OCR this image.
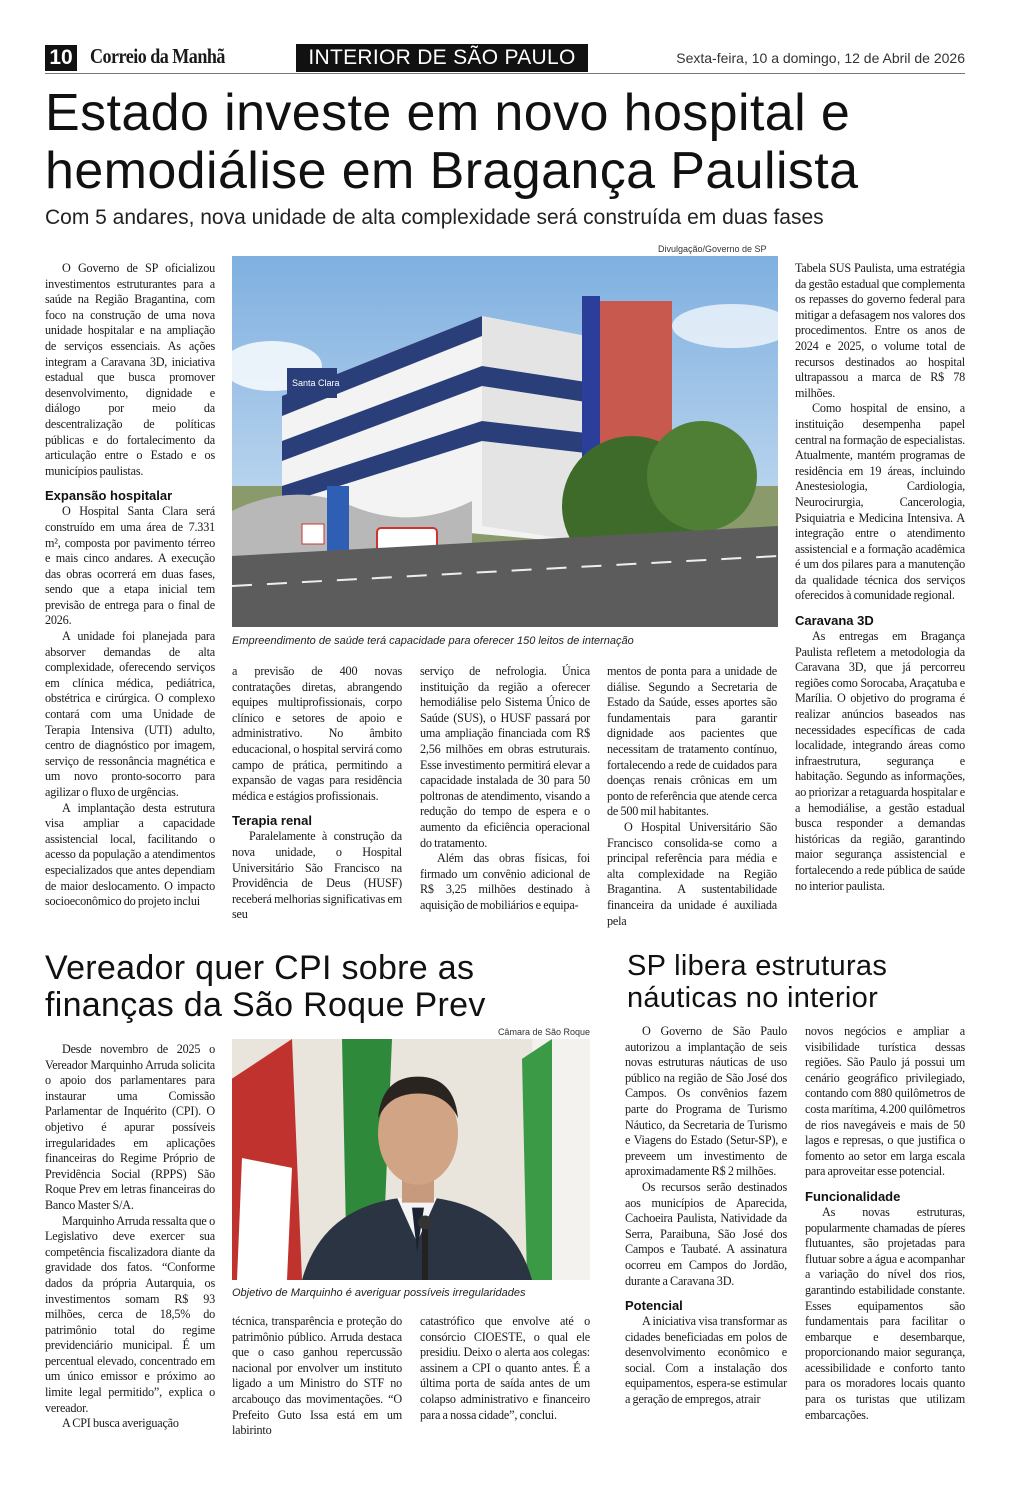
10 Correio da Manhã	INTERIOR DE SÃO PAULO	Sexta-feira, 10 a domingo, 12 de Abril de 2026
Estado investe em novo hospital e
hemodiálise em Bragança Paulista
Com 5 andares, nova unidade de alta complexidade será construída em duas fases
Divulgação/Governo de SP
Santa Clara
Empreendimento de saúde terá capacidade para oferecer 150 leitos de internação

O Governo de SP oficializou investimentos estruturantes para a saúde na Região Bragantina, com foco na construção de uma nova unidade hospitalar e na ampliação de serviços essenciais. As ações integram a Caravana 3D, iniciativa estadual que busca promover desenvolvimento, dignidade e diálogo por meio da descentralização de políticas públicas e do fortalecimento da articulação entre o Estado e os municípios paulistas.

Expansão hospitalar

O Hospital Santa Clara será construído em uma área de 7.331 m², composta por pavimento térreo e mais cinco andares. A execução das obras ocorrerá em duas fases, sendo que a etapa inicial tem previsão de entrega para o final de 2026.

A unidade foi planejada para absorver demandas de alta complexidade, oferecendo serviços em clínica médica, pediátrica, obstétrica e cirúrgica. O complexo contará com uma Unidade de Terapia Intensiva (UTI) adulto, centro de diagnóstico por imagem, serviço de ressonância magnética e um novo pronto-socorro para agilizar o fluxo de urgências.

A implantação desta estrutura visa ampliar a capacidade assistencial local, facilitando o acesso da população a atendimentos especializados que antes dependiam de maior deslocamento. O impacto socioeconômico do projeto inclui

a previsão de 400 novas contratações diretas, abrangendo equipes multiprofissionais, corpo clínico e setores de apoio e administrativo. No âmbito educacional, o hospital servirá como campo de prática, permitindo a expansão de vagas para residência médica e estágios profissionais.

Terapia renal

Paralelamente à construção da nova unidade, o Hospital Universitário São Francisco na Providência de Deus (HUSF) receberá melhorias significativas em seu

serviço de nefrologia. Única instituição da região a oferecer hemodiálise pelo Sistema Único de Saúde (SUS), o HUSF passará por uma ampliação financiada com R$ 2,56 milhões em obras estruturais. Esse investimento permitirá elevar a capacidade instalada de 30 para 50 poltronas de atendimento, visando a redução do tempo de espera e o aumento da eficiência operacional do tratamento.

Além das obras físicas, foi firmado um convênio adicional de R$ 3,25 milhões destinado à aquisição de mobiliários e equipa-

mentos de ponta para a unidade de diálise. Segundo a Secretaria de Estado da Saúde, esses aportes são fundamentais para garantir dignidade aos pacientes que necessitam de tratamento contínuo, fortalecendo a rede de cuidados para doenças renais crônicas em um ponto de referência que atende cerca de 500 mil habitantes.

O Hospital Universitário São Francisco consolida-se como a principal referência para média e alta complexidade na Região Bragantina. A sustentabilidade financeira da unidade é auxiliada pela

Tabela SUS Paulista, uma estratégia da gestão estadual que complementa os repasses do governo federal para mitigar a defasagem nos valores dos procedimentos. Entre os anos de 2024 e 2025, o volume total de recursos destinados ao hospital ultrapassou a marca de R$ 78 milhões.

Como hospital de ensino, a instituição desempenha papel central na formação de especialistas. Atualmente, mantém programas de residência em 19 áreas, incluindo Anestesiologia, Cardiologia, Neurocirurgia, Cancerologia, Psiquiatria e Medicina Intensiva. A integração entre o atendimento assistencial e a formação acadêmica é um dos pilares para a manutenção da qualidade técnica dos serviços oferecidos à comunidade regional.

Caravana 3D

As entregas em Bragança Paulista refletem a metodologia da Caravana 3D, que já percorreu regiões como Sorocaba, Araçatuba e Marília. O objetivo do programa é realizar anúncios baseados nas necessidades específicas de cada localidade, integrando áreas como infraestrutura, segurança e habitação. Segundo as informações, ao priorizar a retaguarda hospitalar e a hemodiálise, a gestão estadual busca responder a demandas históricas da região, garantindo maior segurança assistencial e fortalecendo a rede pública de saúde no interior paulista.

Vereador quer CPI sobre as
finanças da São Roque Prev
Câmara de São Roque
Objetivo de Marquinho é averiguar possíveis irregularidades

Desde novembro de 2025 o Vereador Marquinho Arruda solicita o apoio dos parlamentares para instaurar uma Comissão Parlamentar de Inquérito (CPI). O objetivo é apurar possíveis irregularidades em aplicações financeiras do Regime Próprio de Previdência Social (RPPS) São Roque Prev em letras financeiras do Banco Master S/A.

Marquinho Arruda ressalta que o Legislativo deve exercer sua competência fiscalizadora diante da gravidade dos fatos. “Conforme dados da própria Autarquia, os investimentos somam R$ 93 milhões, cerca de 18,5% do patrimônio total do regime previdenciário municipal. É um percentual elevado, concentrado em um único emissor e próximo ao limite legal permitido”, explica o vereador.

A CPI busca averiguação

técnica, transparência e proteção do patrimônio público. Arruda destaca que o caso ganhou repercussão nacional por envolver um instituto ligado a um Ministro do STF no arcabouço das movimentações. “O Prefeito Guto Issa está em um labirinto

catastrófico que envolve até o consórcio CIOESTE, o qual ele presidiu. Deixo o alerta aos colegas: assinem a CPI o quanto antes. É a última porta de saída antes de um colapso administrativo e financeiro para a nossa cidade”, conclui.

SP libera estruturas
náuticas no interior

O Governo de São Paulo autorizou a implantação de seis novas estruturas náuticas de uso público na região de São José dos Campos. Os convênios fazem parte do Programa de Turismo Náutico, da Secretaria de Turismo e Viagens do Estado (Setur-SP), e preveem um investimento de aproximadamente R$ 2 milhões.

Os recursos serão destinados aos municípios de Aparecida, Cachoeira Paulista, Natividade da Serra, Paraibuna, São José dos Campos e Taubaté. A assinatura ocorreu em Campos do Jordão, durante a Caravana 3D.

Potencial

A iniciativa visa transformar as cidades beneficiadas em polos de desenvolvimento econômico e social. Com a instalação dos equipamentos, espera-se estimular a geração de empregos, atrair

novos negócios e ampliar a visibilidade turística dessas regiões. São Paulo já possui um cenário geográfico privilegiado, contando com 880 quilômetros de costa marítima, 4.200 quilômetros de rios navegáveis e mais de 50 lagos e represas, o que justifica o fomento ao setor em larga escala para aproveitar esse potencial.

Funcionalidade

As novas estruturas, popularmente chamadas de píeres flutuantes, são projetadas para flutuar sobre a água e acompanhar a variação do nível dos rios, garantindo estabilidade constante. Esses equipamentos são fundamentais para facilitar o embarque e desembarque, proporcionando maior segurança, acessibilidade e conforto tanto para os moradores locais quanto para os turistas que utilizam embarcações.
